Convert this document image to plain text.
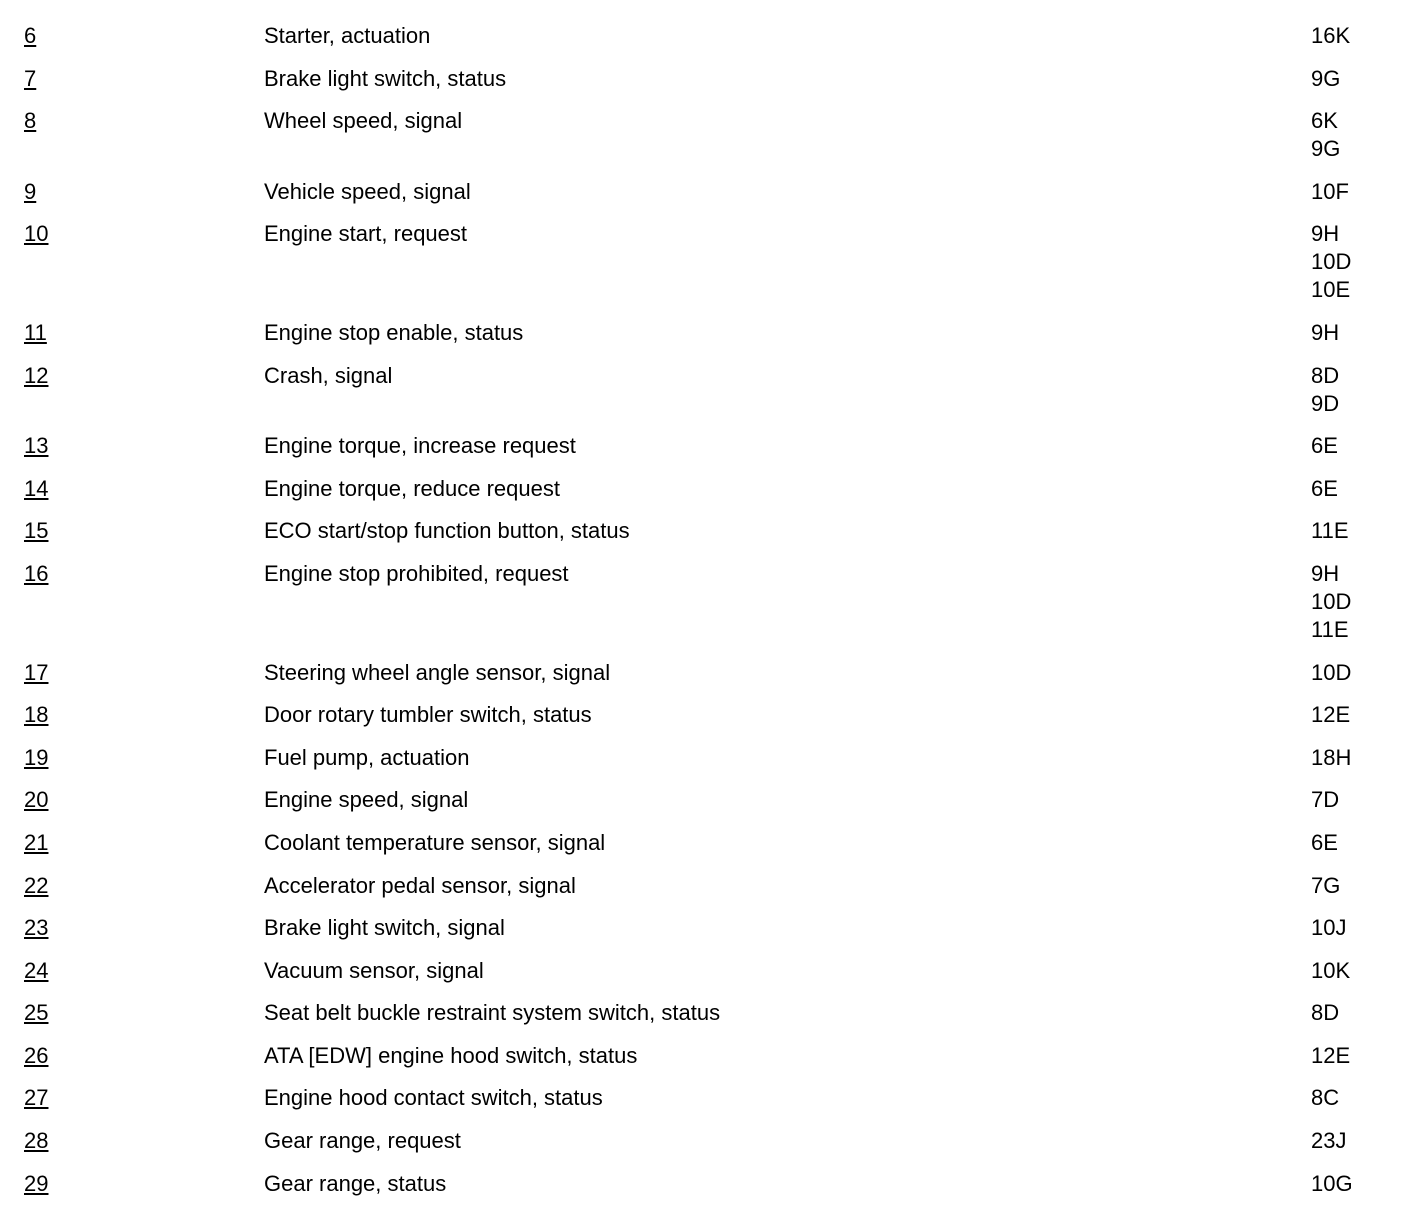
6	Starter, actuation	16K
7	Brake light switch, status	9G
8	Wheel speed, signal	6K
9G
9	Vehicle speed, signal	10F
10	Engine start, request	9H
10D
10E
11	Engine stop enable, status	9H
12	Crash, signal	8D
9D
13	Engine torque, increase request	6E
14	Engine torque, reduce request	6E
15	ECO start/stop function button, status	11E
16	Engine stop prohibited, request	9H
10D
11E
17	Steering wheel angle sensor, signal	10D
18	Door rotary tumbler switch, status	12E
19	Fuel pump, actuation	18H
20	Engine speed, signal	7D
21	Coolant temperature sensor, signal	6E
22	Accelerator pedal sensor, signal	7G
23	Brake light switch, signal	10J
24	Vacuum sensor, signal	10K
25	Seat belt buckle restraint system switch, status	8D
26	ATA [EDW] engine hood switch, status	12E
27	Engine hood contact switch, status	8C
28	Gear range, request	23J
29	Gear range, status	10G
